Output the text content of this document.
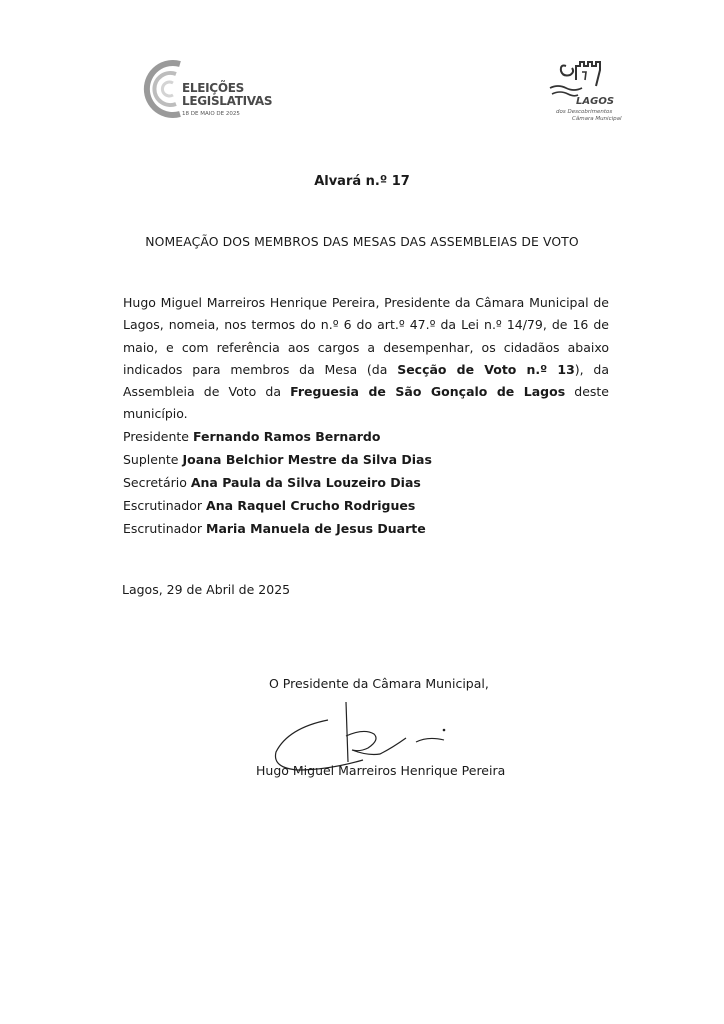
ELEIÇÕES
LEGISLATIVAS
18 DE MAIO DE 2025
LAGOS
dos Descobrimentos
Câmara Municipal
Alvará n.º 17
NOMEAÇÃO DOS MEMBROS DAS MESAS DAS ASSEMBLEIAS DE VOTO
Hugo Miguel Marreiros Henrique Pereira, Presidente da Câmara Municipal de Lagos, nomeia, nos termos do n.º 6 do art.º 47.º da Lei n.º 14/79, de 16 de maio, e com referência aos cargos a desempenhar, os cidadãos abaixo indicados para membros da Mesa (da Secção de Voto n.º 13), da Assembleia de Voto da Freguesia de São Gonçalo de Lagos deste município.
Presidente Fernando Ramos Bernardo
Suplente Joana Belchior Mestre da Silva Dias
Secretário Ana Paula da Silva Louzeiro Dias
Escrutinador Ana Raquel Crucho Rodrigues
Escrutinador Maria Manuela de Jesus Duarte
Lagos, 29 de Abril de 2025
O Presidente da Câmara Municipal,
Hugo Miguel Marreiros Henrique Pereira
